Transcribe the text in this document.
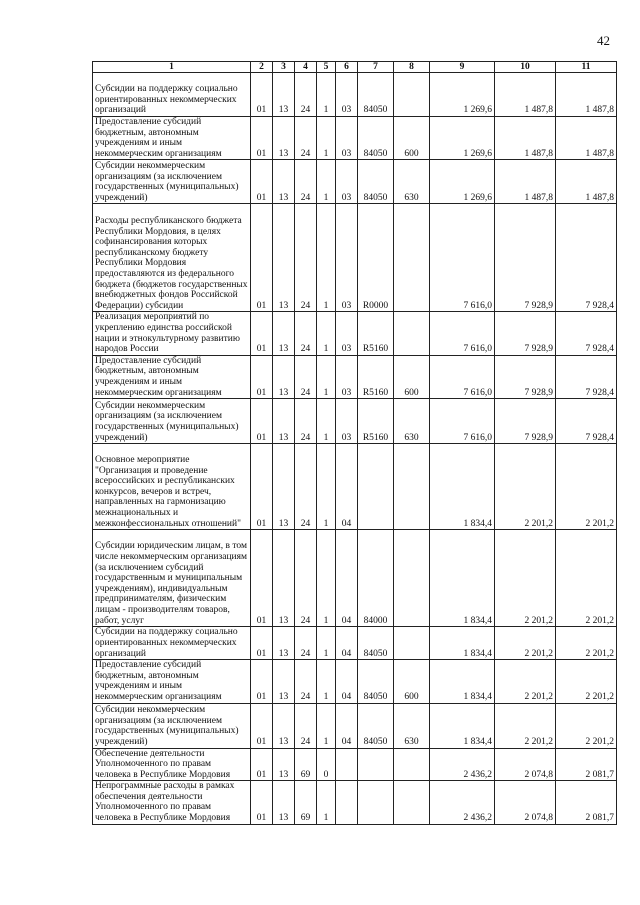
42
1	2	3	4	5	6	7	8	9	10	11
Субсидии на поддержку социально ориентированных некоммерческих организаций	01	13	24	1	03	84050		1 269,6	1 487,8	1 487,8
Предоставление субсидий бюджетным, автономным учреждениям и иным некоммерческим организациям	01	13	24	1	03	84050	600	1 269,6	1 487,8	1 487,8
Субсидии некоммерческим организациям (за исключением государственных (муниципальных) учреждений)	01	13	24	1	03	84050	630	1 269,6	1 487,8	1 487,8
Расходы республиканского бюджета Республики Мордовия, в целях софинансирования которых республиканскому бюджету Республики Мордовия предоставляются из федерального бюджета (бюджетов государственных внебюджетных фондов Российской Федерации) субсидии	01	13	24	1	03	R0000		7 616,0	7 928,9	7 928,4
Реализация мероприятий по укреплению единства российской нации и этнокультурному развитию народов России	01	13	24	1	03	R5160		7 616,0	7 928,9	7 928,4
Предоставление субсидий бюджетным, автономным учреждениям и иным некоммерческим организациям	01	13	24	1	03	R5160	600	7 616,0	7 928,9	7 928,4
Субсидии некоммерческим организациям (за исключением государственных (муниципальных) учреждений)	01	13	24	1	03	R5160	630	7 616,0	7 928,9	7 928,4
Основное мероприятие "Организация и проведение всероссийских и республиканских конкурсов, вечеров и встреч, направленных на гармонизацию межнациональных и межконфессиональных отношений"	01	13	24	1	04			1 834,4	2 201,2	2 201,2
Субсидии юридическим лицам, в том числе некоммерческим организациям (за исключением субсидий государственным и муниципальным учреждениям), индивидуальным предпринимателям, физическим лицам - производителям товаров, работ, услуг	01	13	24	1	04	84000		1 834,4	2 201,2	2 201,2
Субсидии на поддержку социально ориентированных некоммерческих организаций	01	13	24	1	04	84050		1 834,4	2 201,2	2 201,2
Предоставление субсидий бюджетным, автономным учреждениям и иным некоммерческим организациям	01	13	24	1	04	84050	600	1 834,4	2 201,2	2 201,2
Субсидии некоммерческим организациям (за исключением государственных (муниципальных) учреждений)	01	13	24	1	04	84050	630	1 834,4	2 201,2	2 201,2
Обеспечение деятельности Уполномоченного по правам человека в Республике Мордовия	01	13	69	0				2 436,2	2 074,8	2 081,7
Непрограммные расходы в рамках обеспечения деятельности Уполномоченного по правам человека в Республике Мордовия	01	13	69	1				2 436,2	2 074,8	2 081,7
